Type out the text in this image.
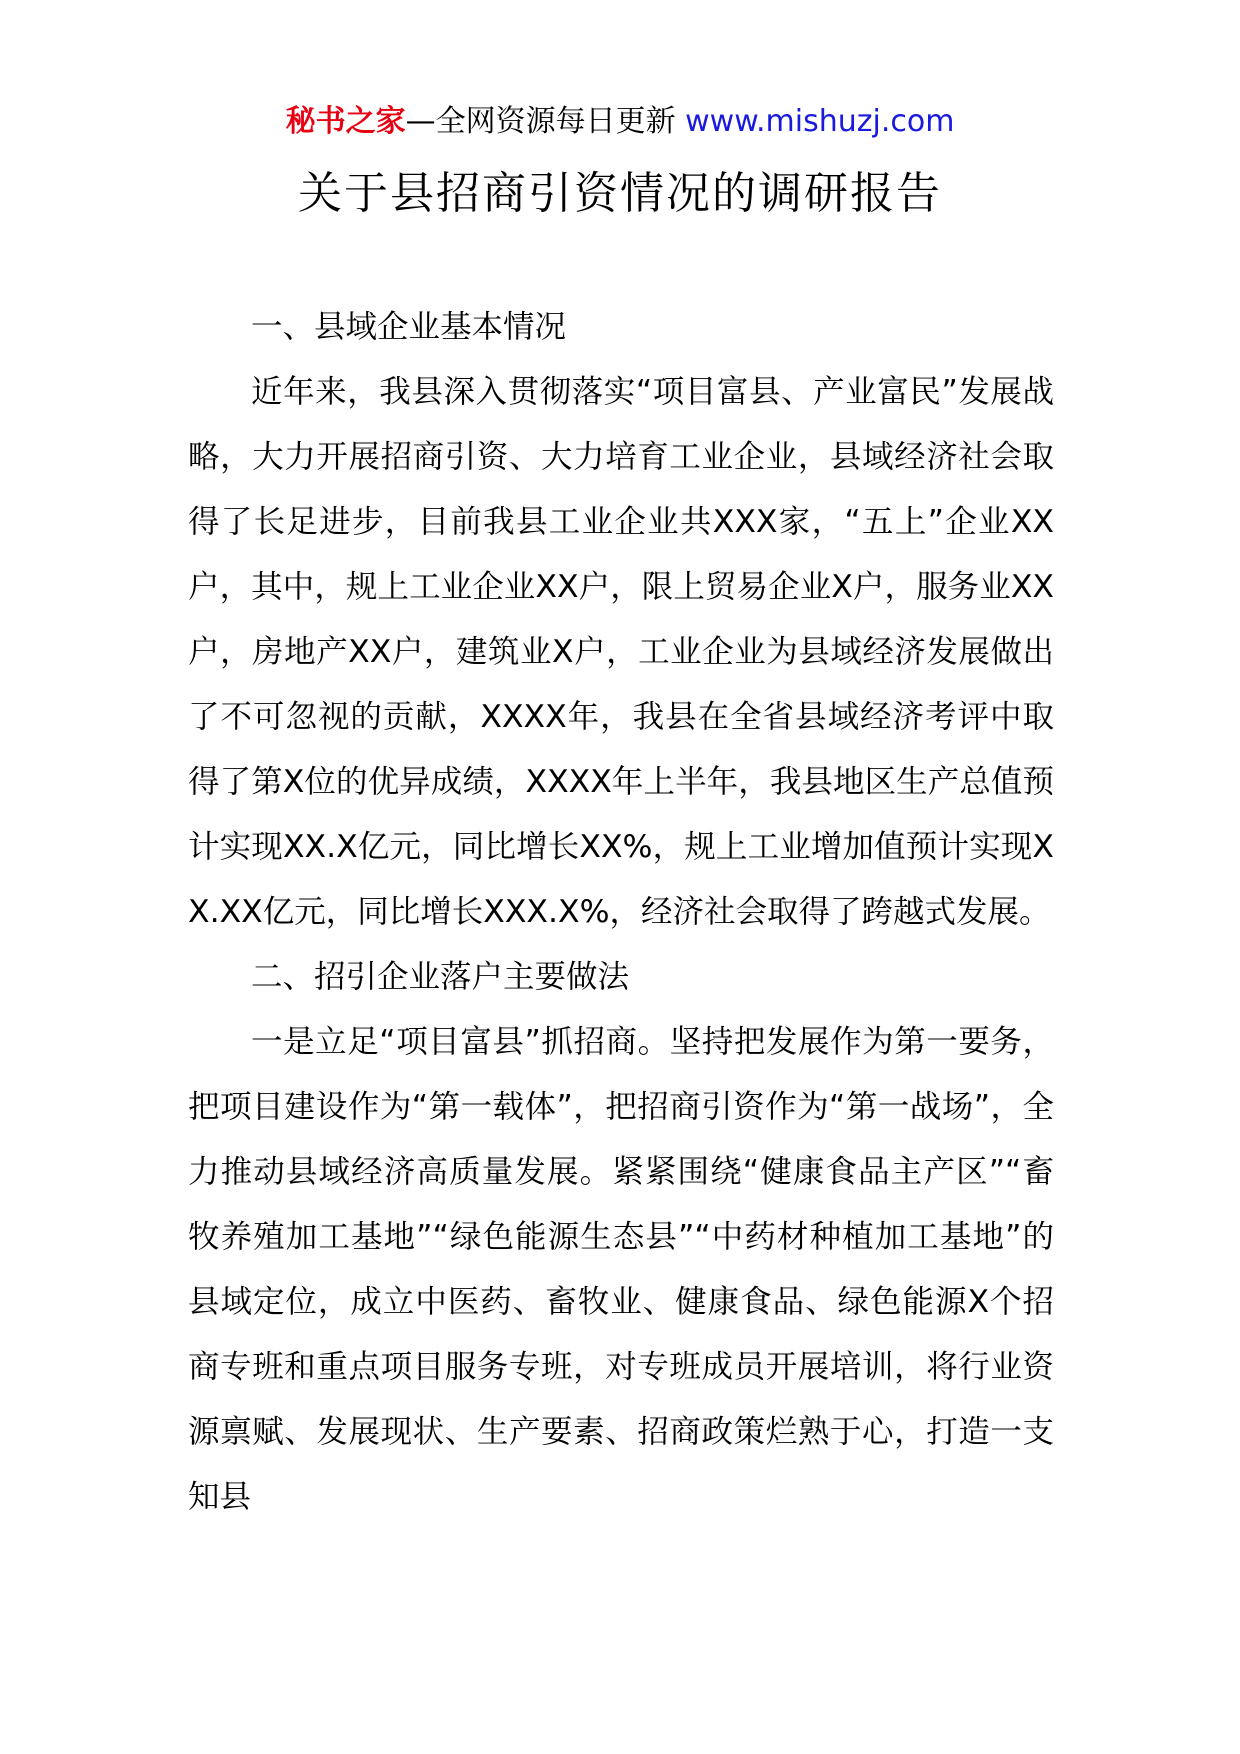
秘书之家—全网资源每日更新 www.mishuzj.com
关于县招商引资情况的调研报告

一、县域企业基本情况

近年来，我县深入贯彻落实“项目富县、产业富民”发展战略，大力开展招商引资、大力培育工业企业，县域经济社会取得了长足进步，目前我县工业企业共XXX家，“五上”企业XX户，其中，规上工业企业XX户，限上贸易企业X户，服务业XX户，房地产XX户，建筑业X户，工业企业为县域经济发展做出了不可忽视的贡献，XXXX年，我县在全省县域经济考评中取得了第X位的优异成绩，XXXX年上半年，我县地区生产总值预计实现XX.X亿元，同比增长XX%，规上工业增加值预计实现XX.XX亿元，同比增长XXX.X%，经济社会取得了跨越式发展。

二、招引企业落户主要做法

一是立足“项目富县”抓招商。坚持把发展作为第一要务，把项目建设作为“第一载体”，把招商引资作为“第一战场”，全力推动县域经济高质量发展。紧紧围绕“健康食品主产区”“畜牧养殖加工基地”“绿色能源生态县”“中药材种植加工基地”的县域定位，成立中医药、畜牧业、健康食品、绿色能源X个招商专班和重点项目服务专班，对专班成员开展培训，将行业资源禀赋、发展现状、生产要素、招商政策烂熟于心，打造一支知县
